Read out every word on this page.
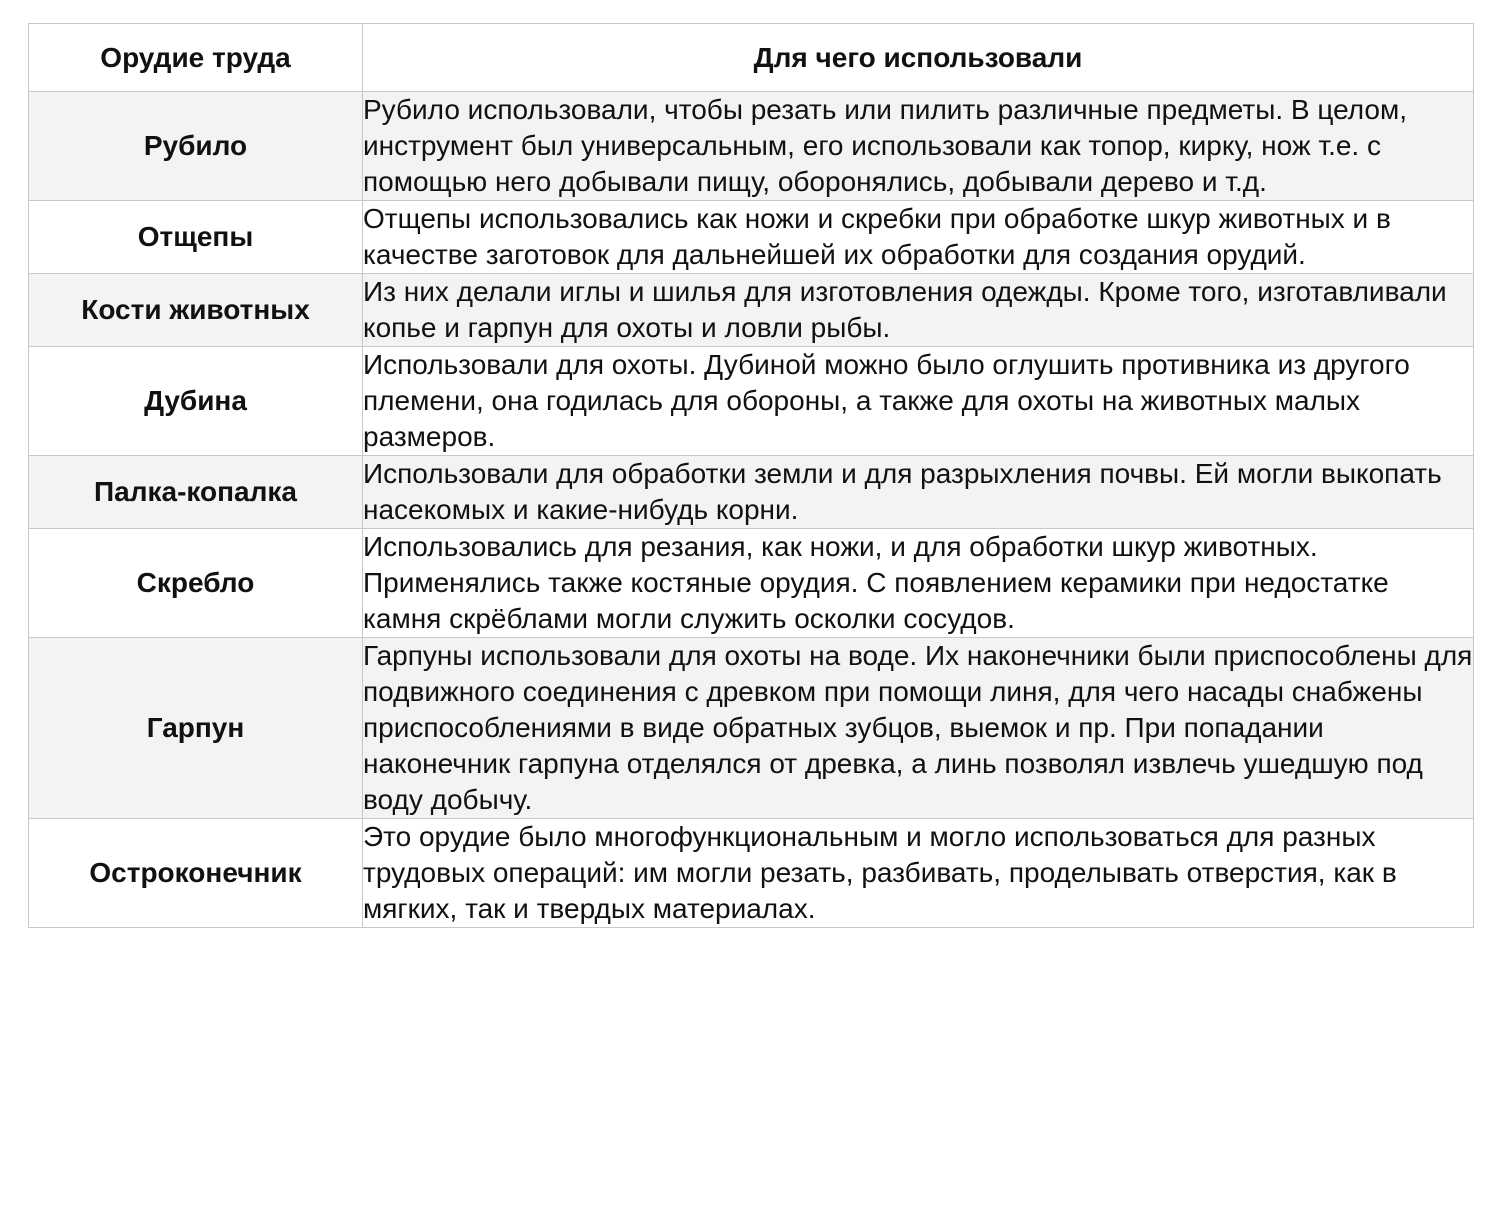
Орудие труда	Для чего использовали
Рубило	Рубило использовали, чтобы резать или пилить различные предметы. В целом, инструмент был универсальным, его использовали как топор, кирку, нож т.е. с помощью него добывали пищу, оборонялись, добывали дерево и т.д.
Отщепы	Отщепы использовались как ножи и скребки при обработке шкур животных и в качестве заготовок для дальнейшей их обработки для создания орудий.
Кости животных	Из них делали иглы и шилья для изготовления одежды. Кроме того, изготавливали копье и гарпун для охоты и ловли рыбы.
Дубина	Использовали для охоты. Дубиной можно было оглушить противника из другого племени, она годилась для обороны, а также для охоты на животных малых размеров.
Палка-копалка	Использовали для обработки земли и для разрыхления почвы. Ей могли выкопать насекомых и какие-нибудь корни.
Скребло	Использовались для резания, как ножи, и для обработки шкур животных. Применялись также костяные орудия. С появлением керамики при недостатке камня скрёблами могли служить осколки сосудов.
Гарпун	Гарпуны использовали для охоты на воде. Их наконечники были приспособлены для подвижного соединения с древком при помощи линя, для чего насады снабжены приспособлениями в виде обратных зубцов, выемок и пр. При попадании наконечник гарпуна отделялся от древка, а линь позволял извлечь ушедшую под воду добычу.
Остроконечник	Это орудие было многофункциональным и могло использоваться для разных трудовых операций: им могли резать, разбивать, проделывать отверстия, как в мягких, так и твердых материалах.
